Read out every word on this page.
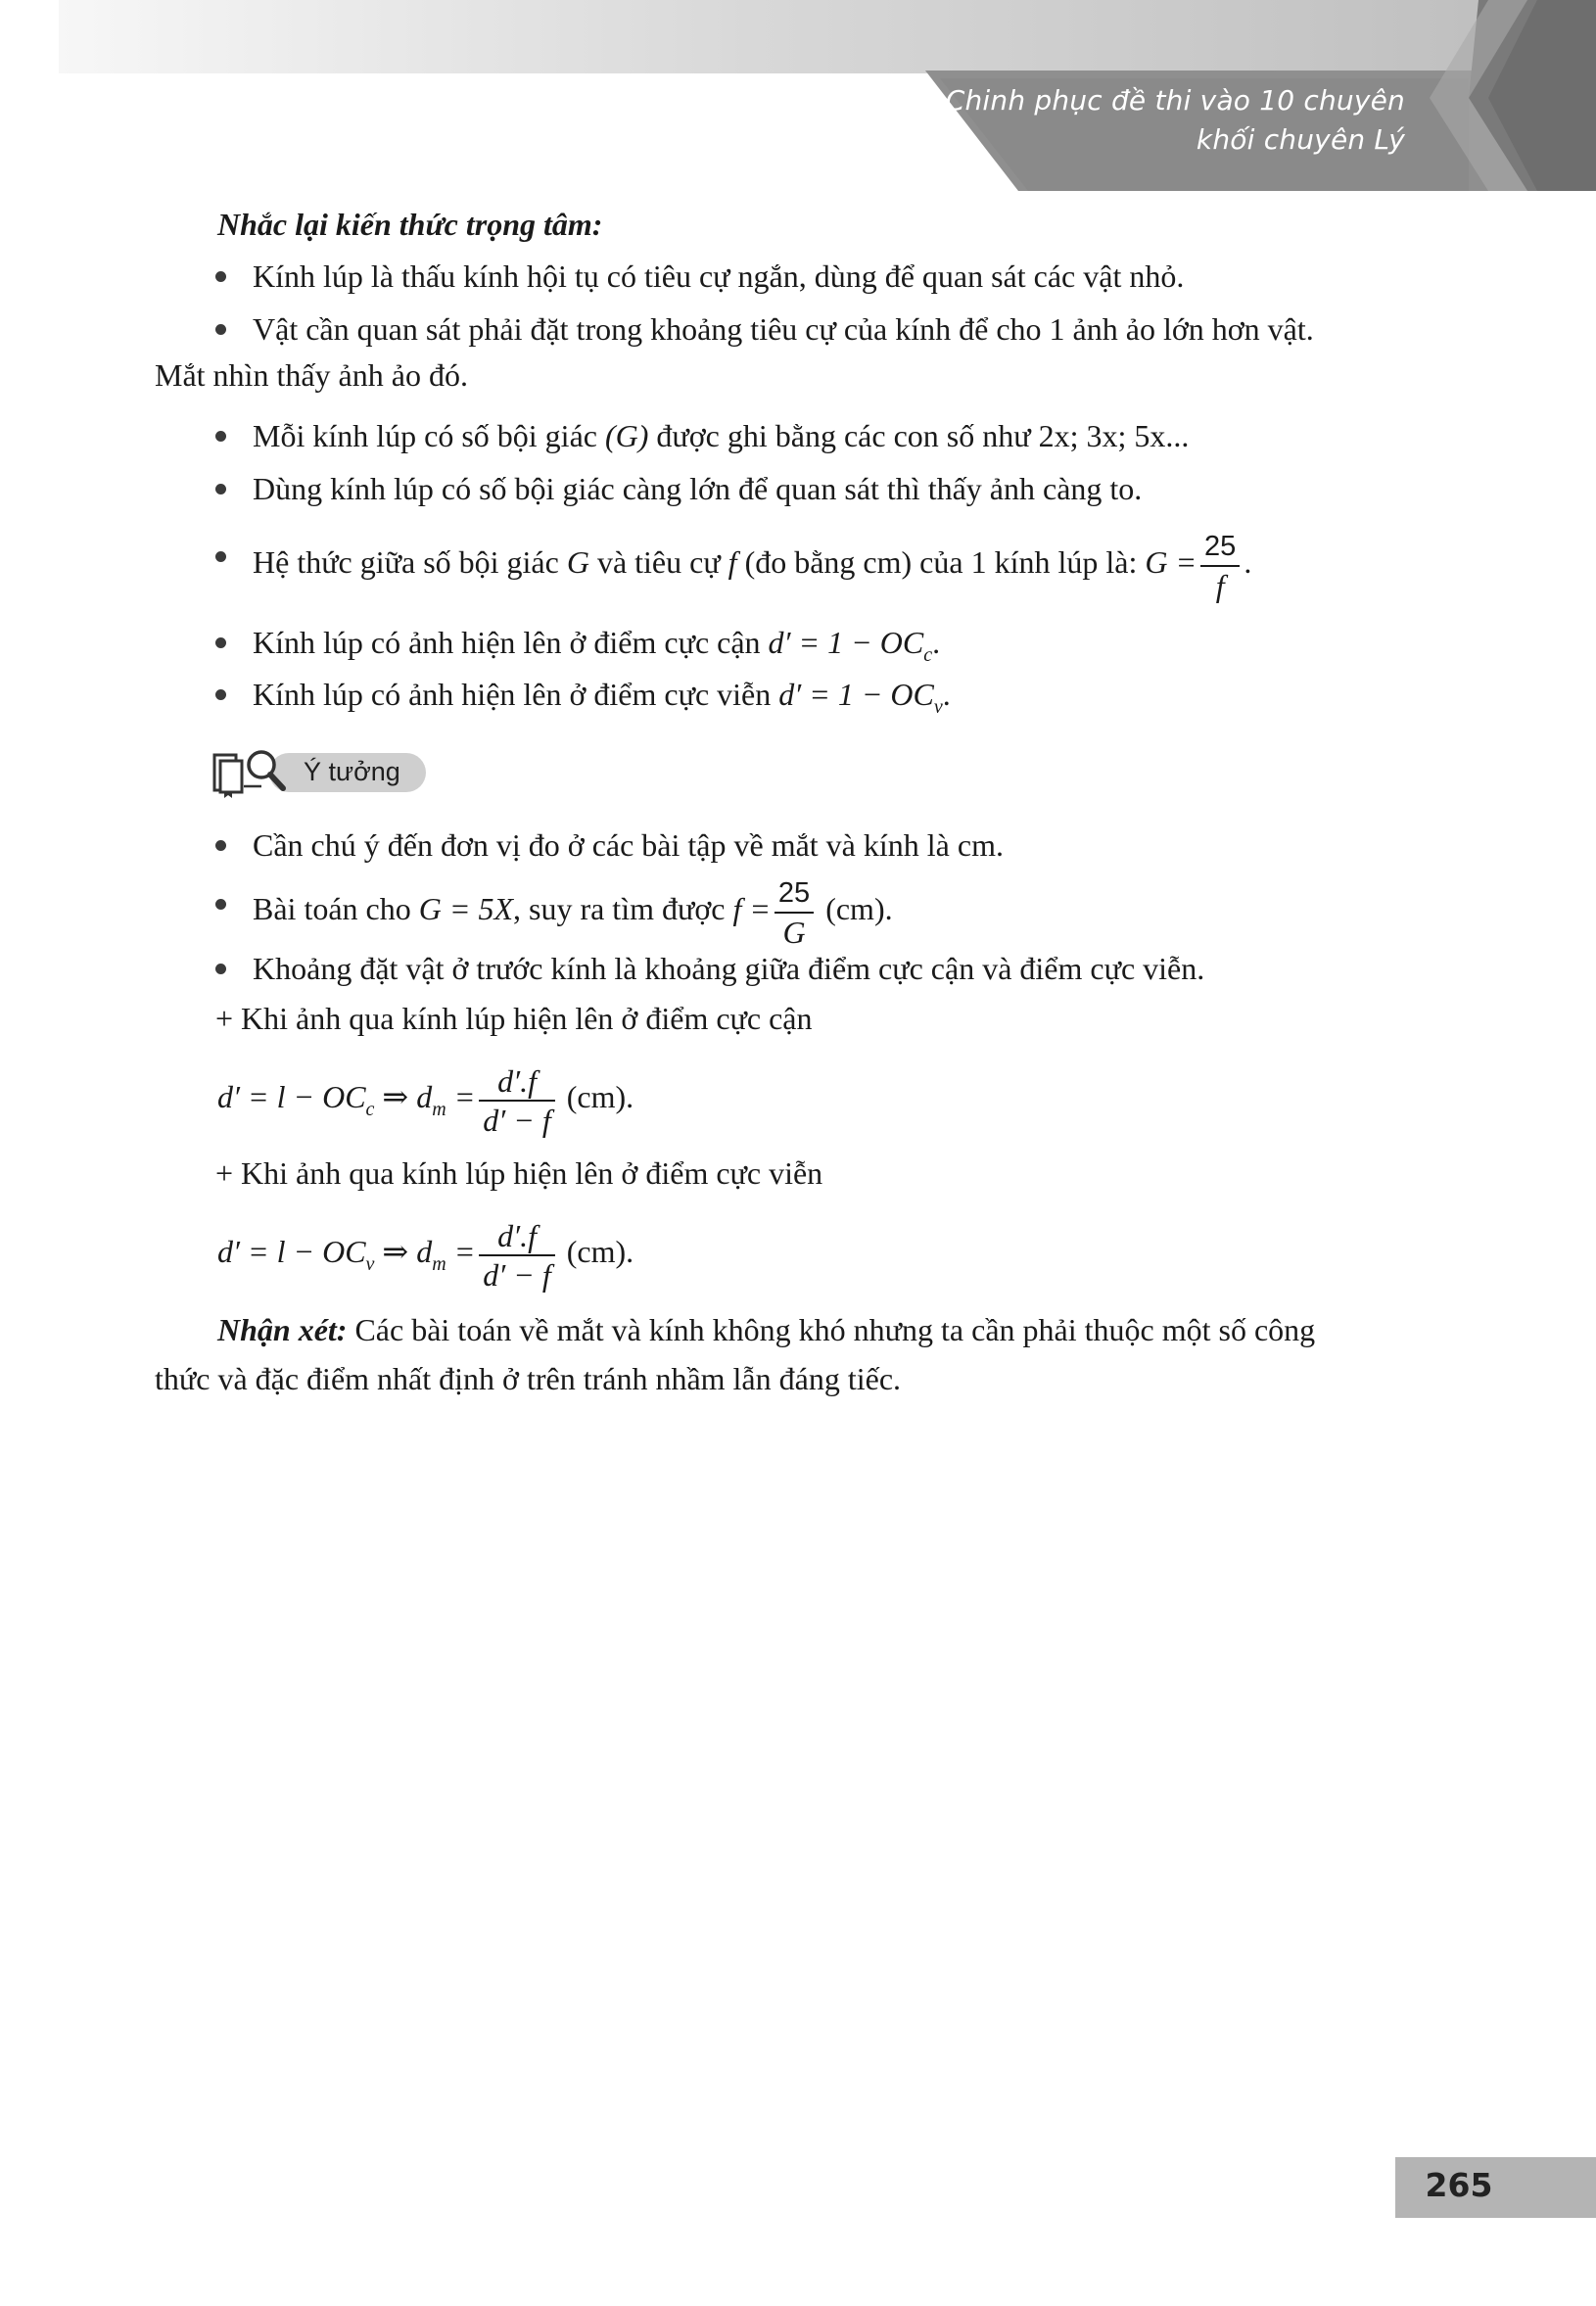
Chinh phục đề thi vào 10 chuyên
khối chuyên Lý
Nhắc lại kiến thức trọng tâm:
Kính lúp là thấu kính hội tụ có tiêu cự ngắn, dùng để quan sát các vật nhỏ.
Vật cần quan sát phải đặt trong khoảng tiêu cự của kính để cho 1 ảnh ảo lớn hơn vật.
Mắt nhìn thấy ảnh ảo đó.
Mỗi kính lúp có số bội giác (G) được ghi bằng các con số như 2x; 3x; 5x...
Dùng kính lúp có số bội giác càng lớn để quan sát thì thấy ảnh càng to.
Hệ thức giữa số bội giác G và tiêu cự f (đo bằng cm) của 1 kính lúp là: $G = \frac{25}{f}$ .
Kính lúp có ảnh hiện lên ở điểm cực cận $d' = 1 - OC_c$.
Kính lúp có ảnh hiện lên ở điểm cực viễn $d' = 1 - OC_v$.
Ý tưởng
Cần chú ý đến đơn vị đo ở các bài tập về mắt và kính là cm.
Bài toán cho G = 5X, suy ra tìm được $f = \frac{25}{G} (cm)$.
Khoảng đặt vật ở trước kính là khoảng giữa điểm cực cận và điểm cực viễn.
+ Khi ảnh qua kính lúp hiện lên ở điểm cực cận
$d' = l - OC_c$ ⇒ $d_m = \frac{d'.f}{d' - f} (cm)$.
+ Khi ảnh qua kính lúp hiện lên ở điểm cực viễn
$d' = l - OC_v$ ⇒ $d_m = \frac{d'.f}{d' - f} (cm)$.
Nhận xét: Các bài toán về mắt và kính không khó nhưng ta cần phải thuộc một số công
thức và đặc điểm nhất định ở trên tránh nhầm lẫn đáng tiếc.
265
